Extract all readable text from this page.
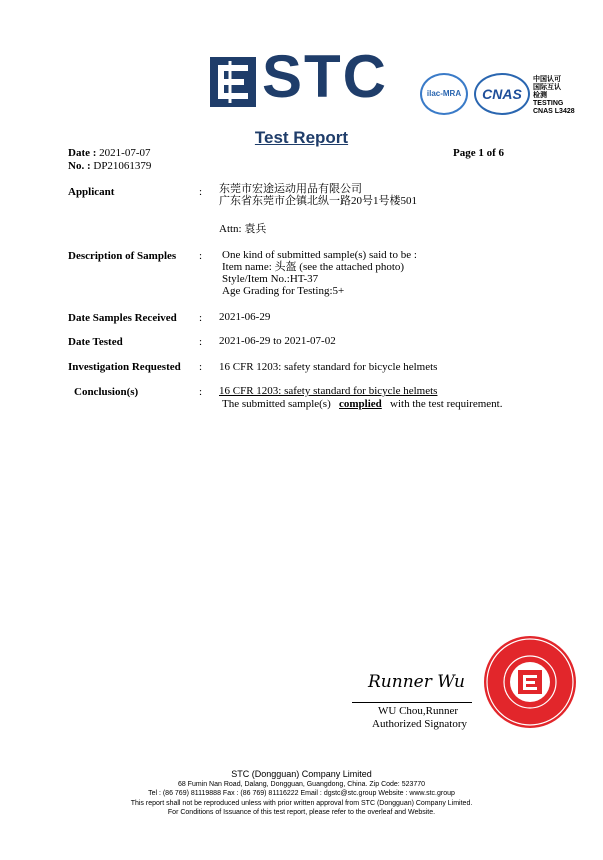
STC	ilac-MRA	CNAS
中国认可
国际互认
检测
TESTING
CNAS L3428
Test Report
Date : 2021-07-07
No. : DP21061379
Page 1 of 6
Applicant	: 东莞市宏途运动用品有限公司
广东省东莞市企镇北纵一路20号1号楼501
Attn: 袁兵
Description of Samples : One kind of submitted sample(s) said to be :
Item name: 头盔 (see the attached photo)
Style/Item No.:HT-37
Age Grading for Testing:5+
Date Samples Received : 2021-06-29
Date Tested	: 2021-06-29 to 2021-07-02
Investigation Requested : 16 CFR 1203: safety standard for bicycle helmets
Conclusion(s)	: 16 CFR 1203: safety standard for bicycle helmets
The submitted sample(s) complied with the test requirement.
Runner Wu
WU Chou,Runner
Authorized Signatory
STC (Dongguan) Company Limited
68 Fumin Nan Road, Dalang, Dongguan, Guangdong, China. Zip Code: 523770
Tel : (86 769) 81119888 Fax : (86 769) 81116222 Email : dgstc@stc.group Website : www.stc.group
This report shall not be reproduced unless with prior written approval from STC (Dongguan) Company Limited.
For Conditions of Issuance of this test report, please refer to the overleaf and Website.
